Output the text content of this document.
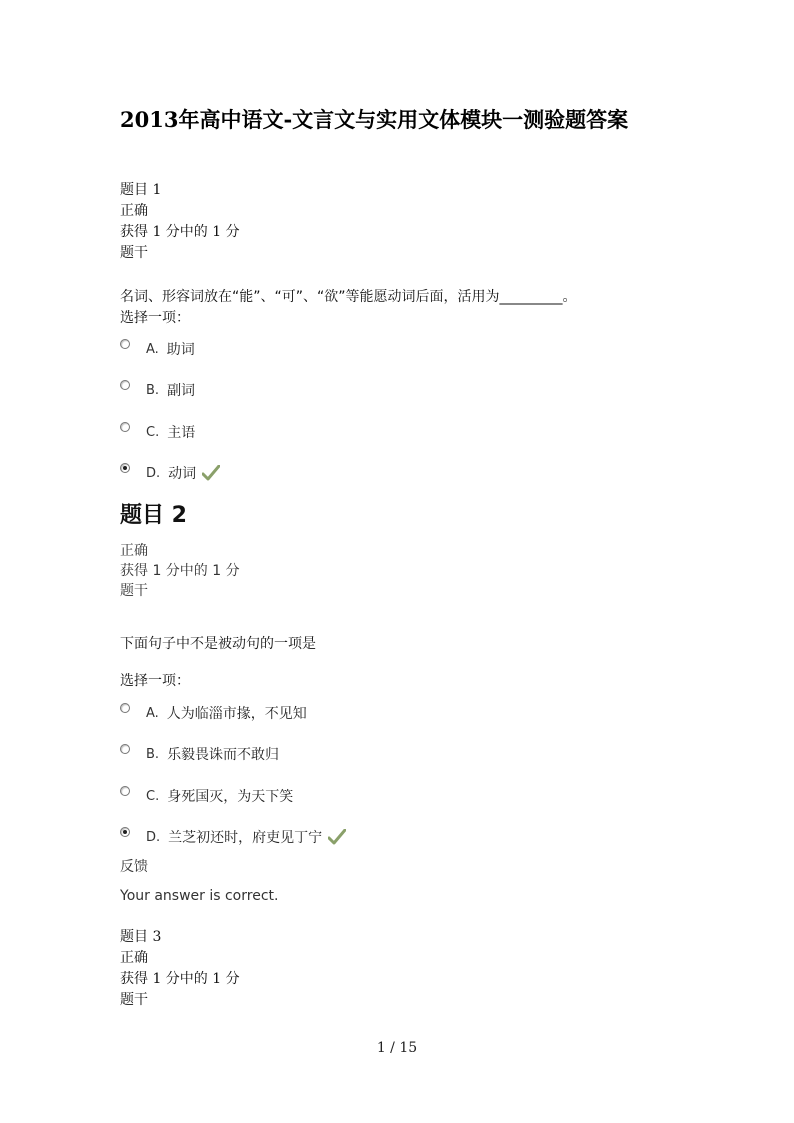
2013年高中语文-文言文与实用文体模块一测验题答案
题目 1
正确
获得 1 分中的 1 分
题干
名词、形容词放在“能”、“可”、“欲”等能愿动词后面，活用为_________。
选择一项：
A. 助词
B. 副词
C. 主语
D. 动词
题目 2
正确
获得 1 分中的 1 分
题干
下面句子中不是被动句的一项是
选择一项：
A. 人为临淄市掾，不见知
B. 乐毅畏诛而不敢归
C. 身死国灭，为天下笑
D. 兰芝初还时，府吏见丁宁
反馈
Your answer is correct.
题目 3
正确
获得 1 分中的 1 分
题干
1 / 15
